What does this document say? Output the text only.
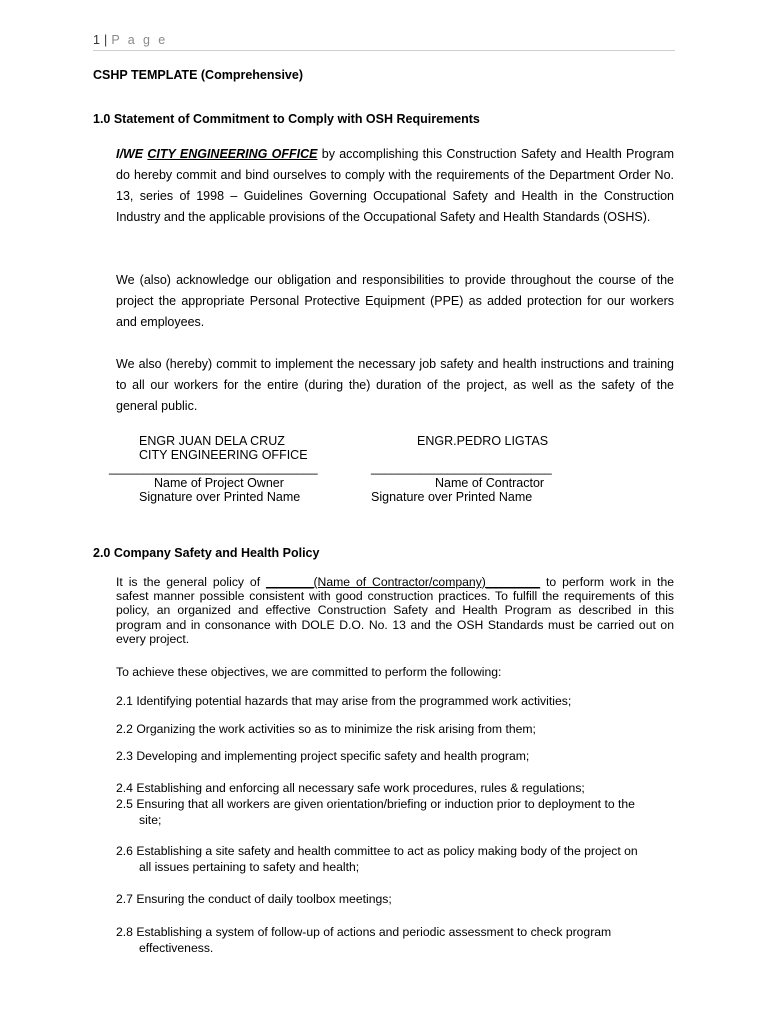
1 | P a g e
CSHP TEMPLATE (Comprehensive)
1.0 Statement of Commitment to Comply with OSH Requirements
I/WE CITY ENGINEERING OFFICE by accomplishing this Construction Safety and Health Program do hereby commit and bind ourselves to comply with the requirements of the Department Order No. 13, series of 1998 – Guidelines Governing Occupational Safety and Health in the Construction Industry and the applicable provisions of the Occupational Safety and Health Standards (OSHS).
We (also) acknowledge our obligation and responsibilities to provide throughout the course of the project the appropriate Personal Protective Equipment (PPE) as added protection for our workers and employees.
We also (hereby) commit to implement the necessary job safety and health instructions and training to all our workers for the entire (during the) duration of the project, as well as the safety of the general public.
ENGR JUAN DELA CRUZ
CITY ENGINEERING OFFICE
______________________________
Name of Project Owner
Signature over Printed Name
ENGR.PEDRO LIGTAS
__________________________
Name of Contractor
Signature over Printed Name
2.0 Company Safety and Health Policy
It is the general policy of _______(Name of Contractor/company)________ to perform work in the safest manner possible consistent with good construction practices. To fulfill the requirements of this policy, an organized and effective Construction Safety and Health Program as described in this program and in consonance with DOLE D.O. No. 13 and the OSH Standards must be carried out on every project.
To achieve these objectives, we are committed to perform the following:
2.1 Identifying potential hazards that may arise from the programmed work activities;
2.2 Organizing the work activities so as to minimize the risk arising from them;
2.3 Developing and implementing project specific safety and health program;
2.4 Establishing and enforcing all necessary safe work procedures, rules & regulations;
2.5 Ensuring that all workers are given orientation/briefing or induction prior to deployment to the
site;
2.6 Establishing a site safety and health committee to act as policy making body of the project on
all issues pertaining to safety and health;
2.7 Ensuring the conduct of daily toolbox meetings;
2.8 Establishing a system of follow-up of actions and periodic assessment to check program
effectiveness.
